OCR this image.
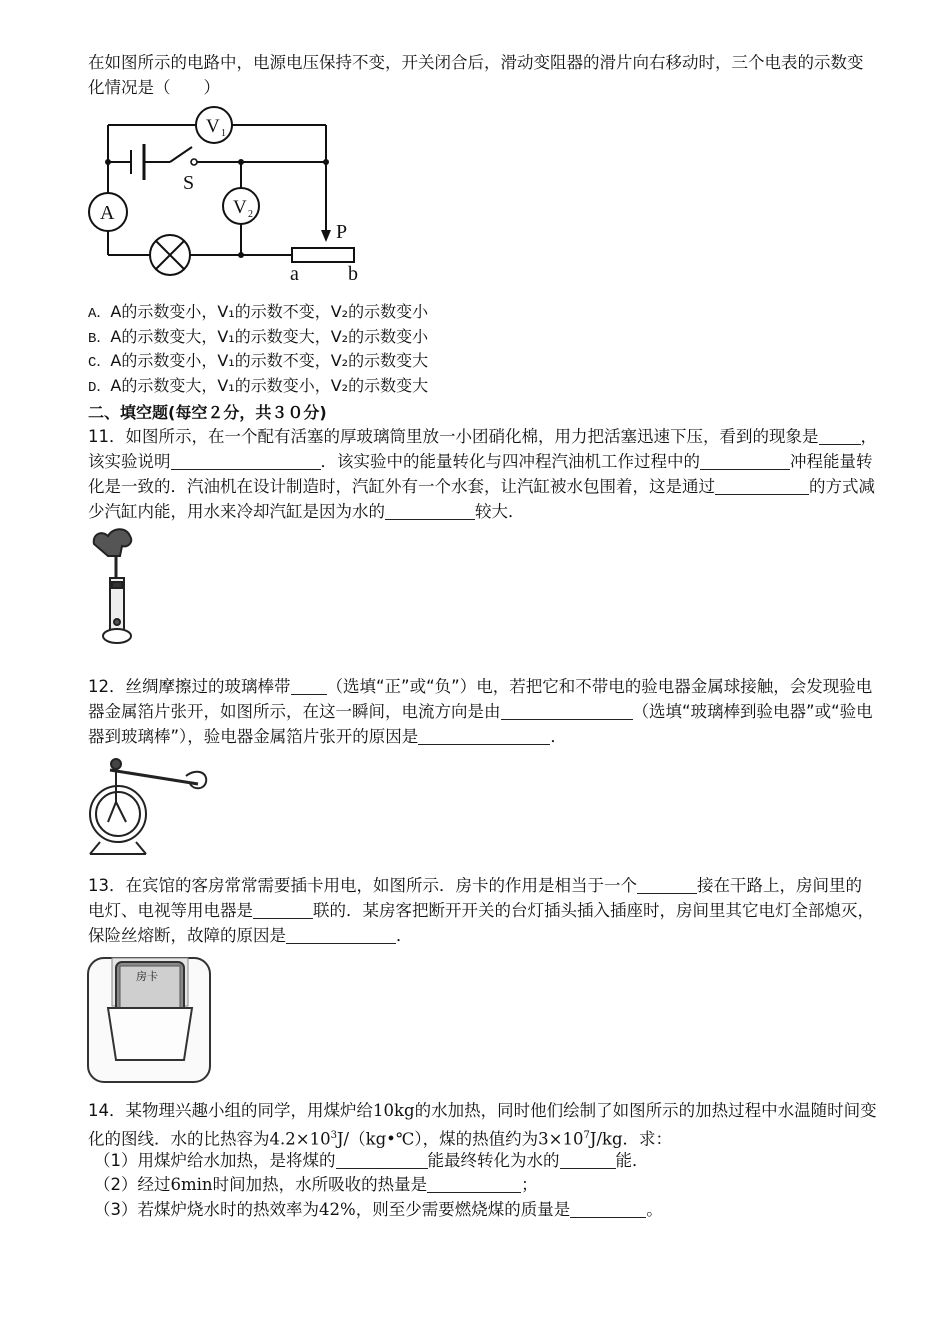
在如图所示的电路中，电源电压保持不变，开关闭合后，滑动变阻器的滑片向右移动时，三个电表的示数变
化情况是（　　）
V 1
A	V 2
S
P
a b
A．A的示数变小，V₁的示数不变，V₂的示数变小
B．A的示数变大，V₁的示数变大，V₂的示数变小
C．A的示数变小，V₁的示数不变，V₂的示数变大
D．A的示数变大，V₁的示数变小，V₂的示数变大
二、填空题(每空２分，共３０分)
11．如图所示，在一个配有活塞的厚玻璃筒里放一小团硝化棉，用力把活塞迅速下压，看到的现象是	，该实验说明	．该实验中的能量转化与四冲程汽油机工作过程中的	冲程能量转化是一致的．汽油机在设计制造时，汽缸外有一个水套，让汽缸被水包围着，这是通过	的方式减少汽缸内能，用水来冷却汽缸是因为水的	较大．
12．丝绸摩擦过的玻璃棒带 （选填“正”或“负”）电，若把它和不带电的验电器金属球接触，会发现验电器金属箔片张开，如图所示，在这一瞬间，电流方向是由	（选填“玻璃棒到验电器”或“验电器到玻璃棒”），验电器金属箔片张开的原因是	．
13．在宾馆的客房常常需要插卡用电，如图所示．房卡的作用是相当于一个	接在干路上，房间里的电灯、电视等用电器是	联的．某房客把断开开关的台灯插头插入插座时，房间里其它电灯全部熄灭，保险丝熔断，故障的原因是	．
房卡
14．某物理兴趣小组的同学，用煤炉给10kg的水加热，同时他们绘制了如图所示的加热过程中水温随时间变化的图线．水的比热容为$4.2\times 10^3J/(kg•℃)$，煤的热值约为$3\times 10^7J/kg$．求：
（1）用煤炉给水加热，是将煤的	能最终转化为水的	能．
（2）经过6min时间加热，水所吸收的热量是	；
（3）若煤炉烧水时的热效率为42%，则至少需要燃烧煤的质量是	。
